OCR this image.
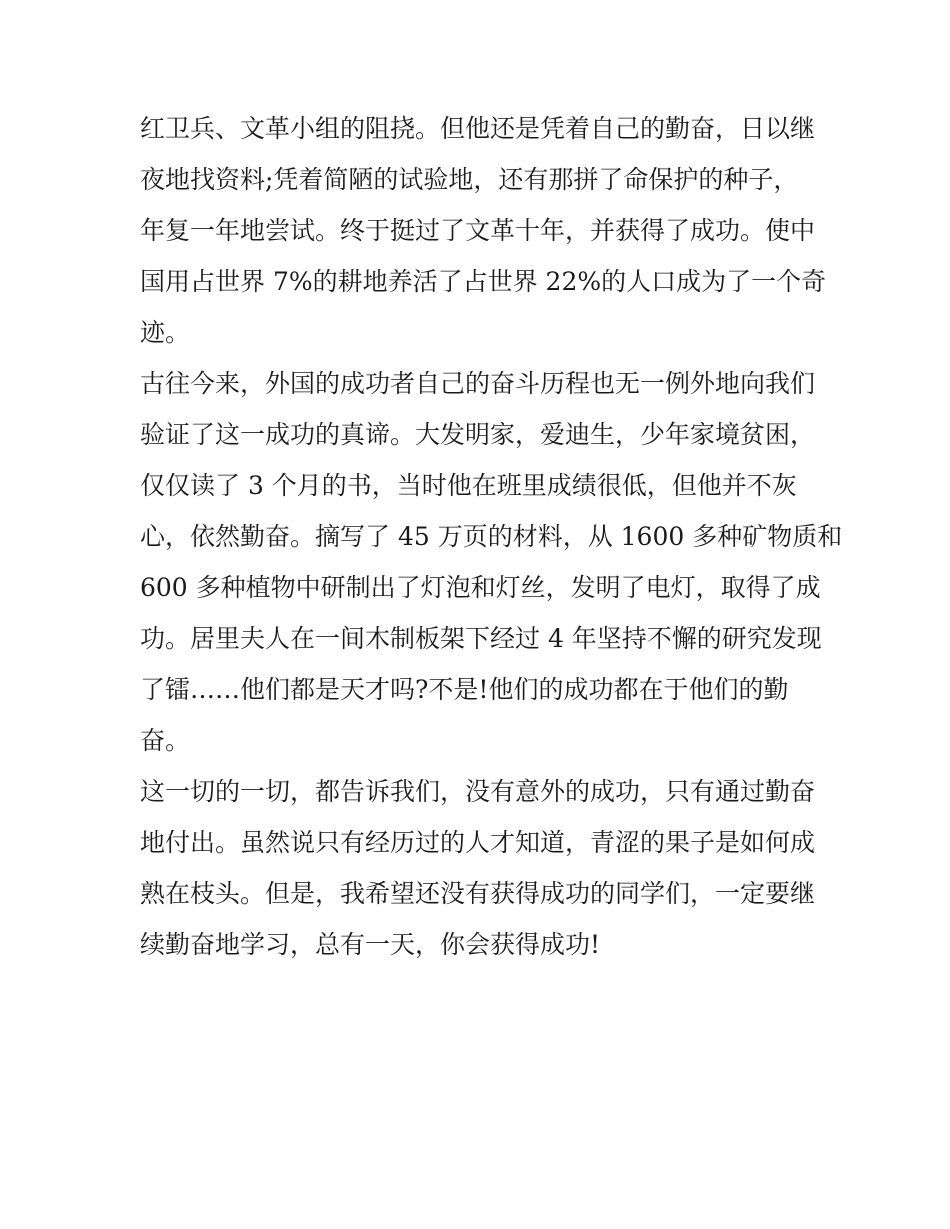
红卫兵、文革小组的阻挠。但他还是凭着自己的勤奋，日以继
夜地找资料;凭着简陋的试验地，还有那拼了命保护的种子，
年复一年地尝试。终于挺过了文革十年，并获得了成功。使中
国用占世界 7%的耕地养活了占世界 22%的人口成为了一个奇
迹。
古往今来，外国的成功者自己的奋斗历程也无一例外地向我们
验证了这一成功的真谛。大发明家，爱迪生，少年家境贫困，
仅仅读了 3 个月的书，当时他在班里成绩很低，但他并不灰
心，依然勤奋。摘写了 45 万页的材料，从 1600 多种矿物质和
600 多种植物中研制出了灯泡和灯丝，发明了电灯，取得了成
功。居里夫人在一间木制板架下经过 4 年坚持不懈的研究发现
了镭……他们都是天才吗?不是!他们的成功都在于他们的勤
奋。
这一切的一切，都告诉我们，没有意外的成功，只有通过勤奋
地付出。虽然说只有经历过的人才知道，青涩的果子是如何成
熟在枝头。但是，我希望还没有获得成功的同学们，一定要继
续勤奋地学习，总有一天，你会获得成功!
